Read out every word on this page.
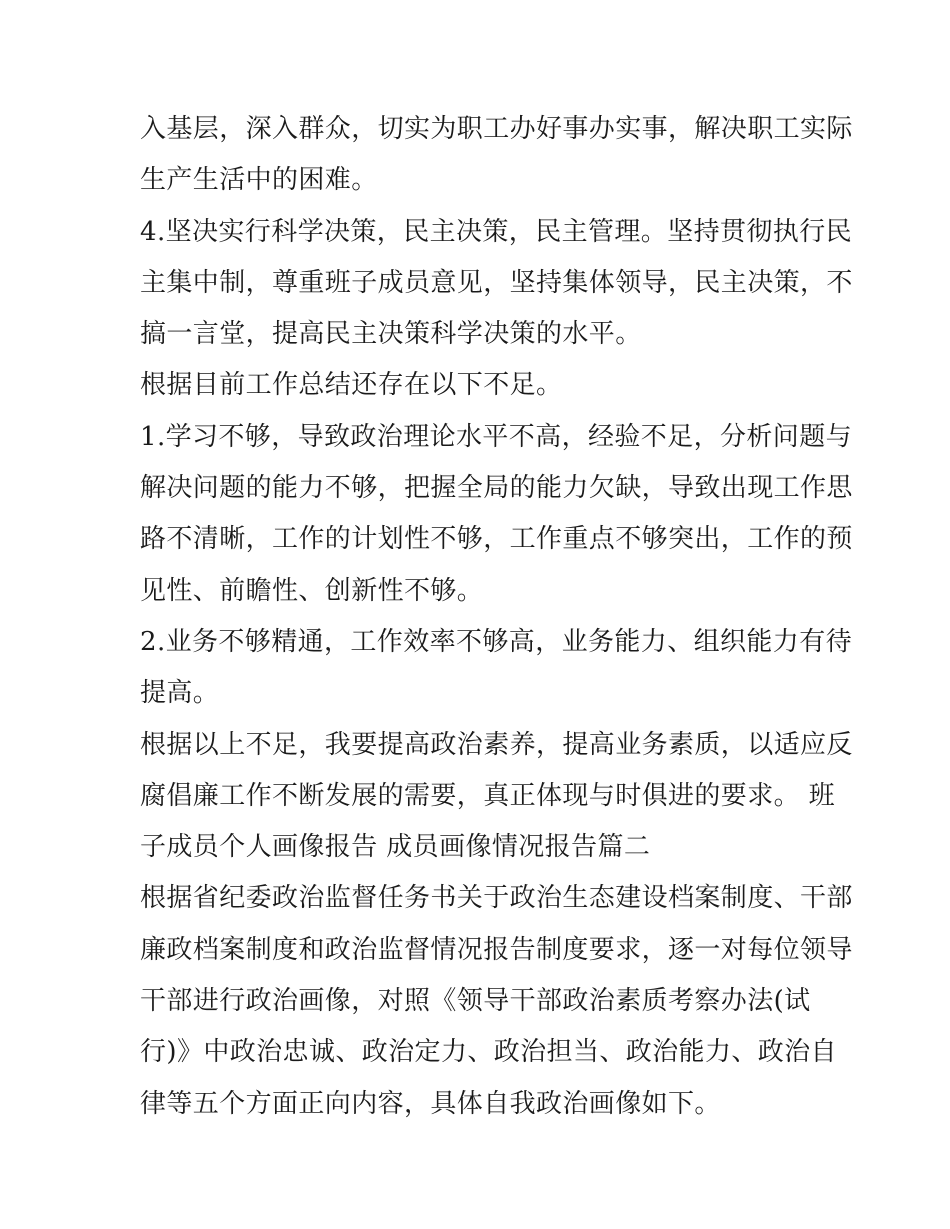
入基层，深入群众，切实为职工办好事办实事，解决职工实际
生产生活中的困难。
4.坚决实行科学决策，民主决策，民主管理。坚持贯彻执行民
主集中制，尊重班子成员意见，坚持集体领导，民主决策，不
搞一言堂，提高民主决策科学决策的水平。
根据目前工作总结还存在以下不足。
1.学习不够，导致政治理论水平不高，经验不足，分析问题与
解决问题的能力不够，把握全局的能力欠缺，导致出现工作思
路不清晰，工作的计划性不够，工作重点不够突出，工作的预
见性、前瞻性、创新性不够。
2.业务不够精通，工作效率不够高，业务能力、组织能力有待
提高。
根据以上不足，我要提高政治素养，提高业务素质，以适应反
腐倡廉工作不断发展的需要，真正体现与时俱进的要求。 班
子成员个人画像报告 成员画像情况报告篇二
根据省纪委政治监督任务书关于政治生态建设档案制度、干部
廉政档案制度和政治监督情况报告制度要求，逐一对每位领导
干部进行政治画像，对照《领导干部政治素质考察办法(试
行)》中政治忠诚、政治定力、政治担当、政治能力、政治自
律等五个方面正向内容，具体自我政治画像如下。
